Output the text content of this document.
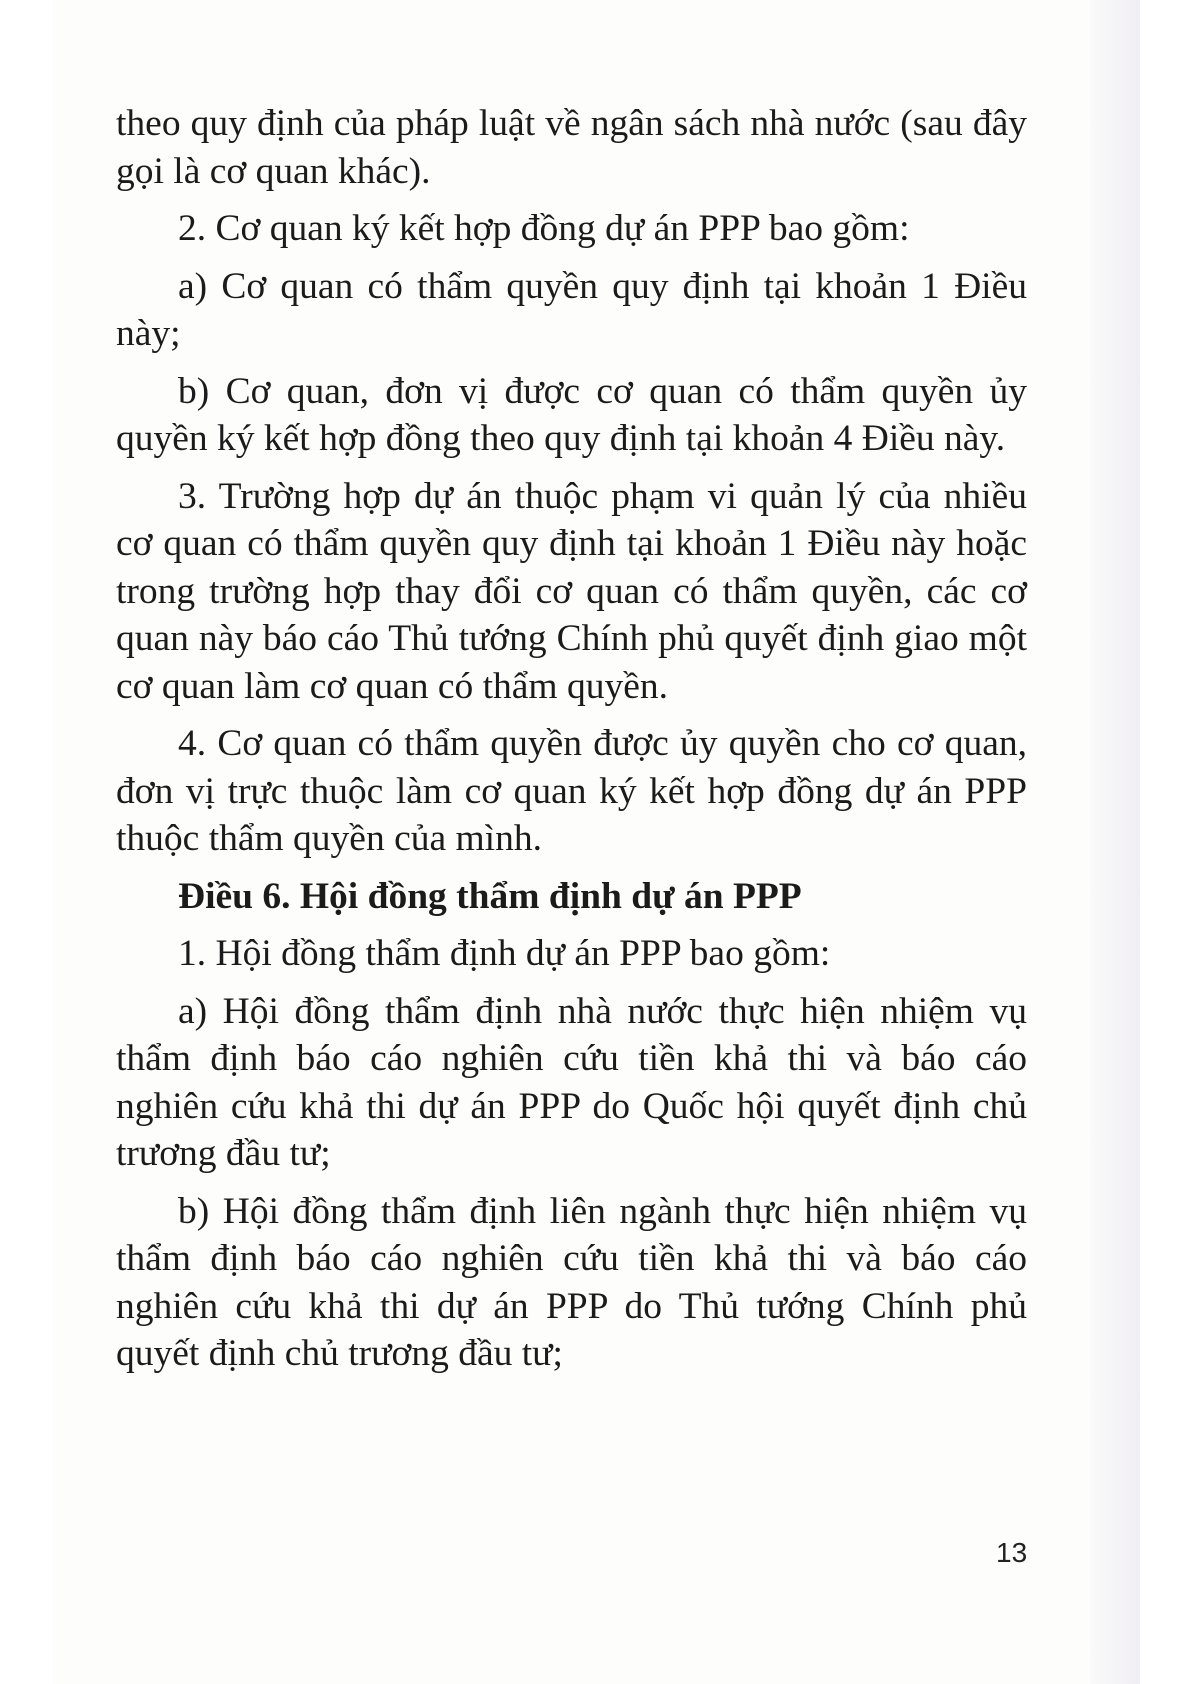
theo quy định của pháp luật về ngân sách nhà nước (sau đây gọi là cơ quan khác).

2. Cơ quan ký kết hợp đồng dự án PPP bao gồm:

a) Cơ quan có thẩm quyền quy định tại khoản 1 Điều này;

b) Cơ quan, đơn vị được cơ quan có thẩm quyền ủy quyền ký kết hợp đồng theo quy định tại khoản 4 Điều này.

3. Trường hợp dự án thuộc phạm vi quản lý của nhiều cơ quan có thẩm quyền quy định tại khoản 1 Điều này hoặc trong trường hợp thay đổi cơ quan có thẩm quyền, các cơ quan này báo cáo Thủ tướng Chính phủ quyết định giao một cơ quan làm cơ quan có thẩm quyền.

4. Cơ quan có thẩm quyền được ủy quyền cho cơ quan, đơn vị trực thuộc làm cơ quan ký kết hợp đồng dự án PPP thuộc thẩm quyền của mình.

Điều 6. Hội đồng thẩm định dự án PPP

1. Hội đồng thẩm định dự án PPP bao gồm:

a) Hội đồng thẩm định nhà nước thực hiện nhiệm vụ thẩm định báo cáo nghiên cứu tiền khả thi và báo cáo nghiên cứu khả thi dự án PPP do Quốc hội quyết định chủ trương đầu tư;

b) Hội đồng thẩm định liên ngành thực hiện nhiệm vụ thẩm định báo cáo nghiên cứu tiền khả thi và báo cáo nghiên cứu khả thi dự án PPP do Thủ tướng Chính phủ quyết định chủ trương đầu tư;

13
